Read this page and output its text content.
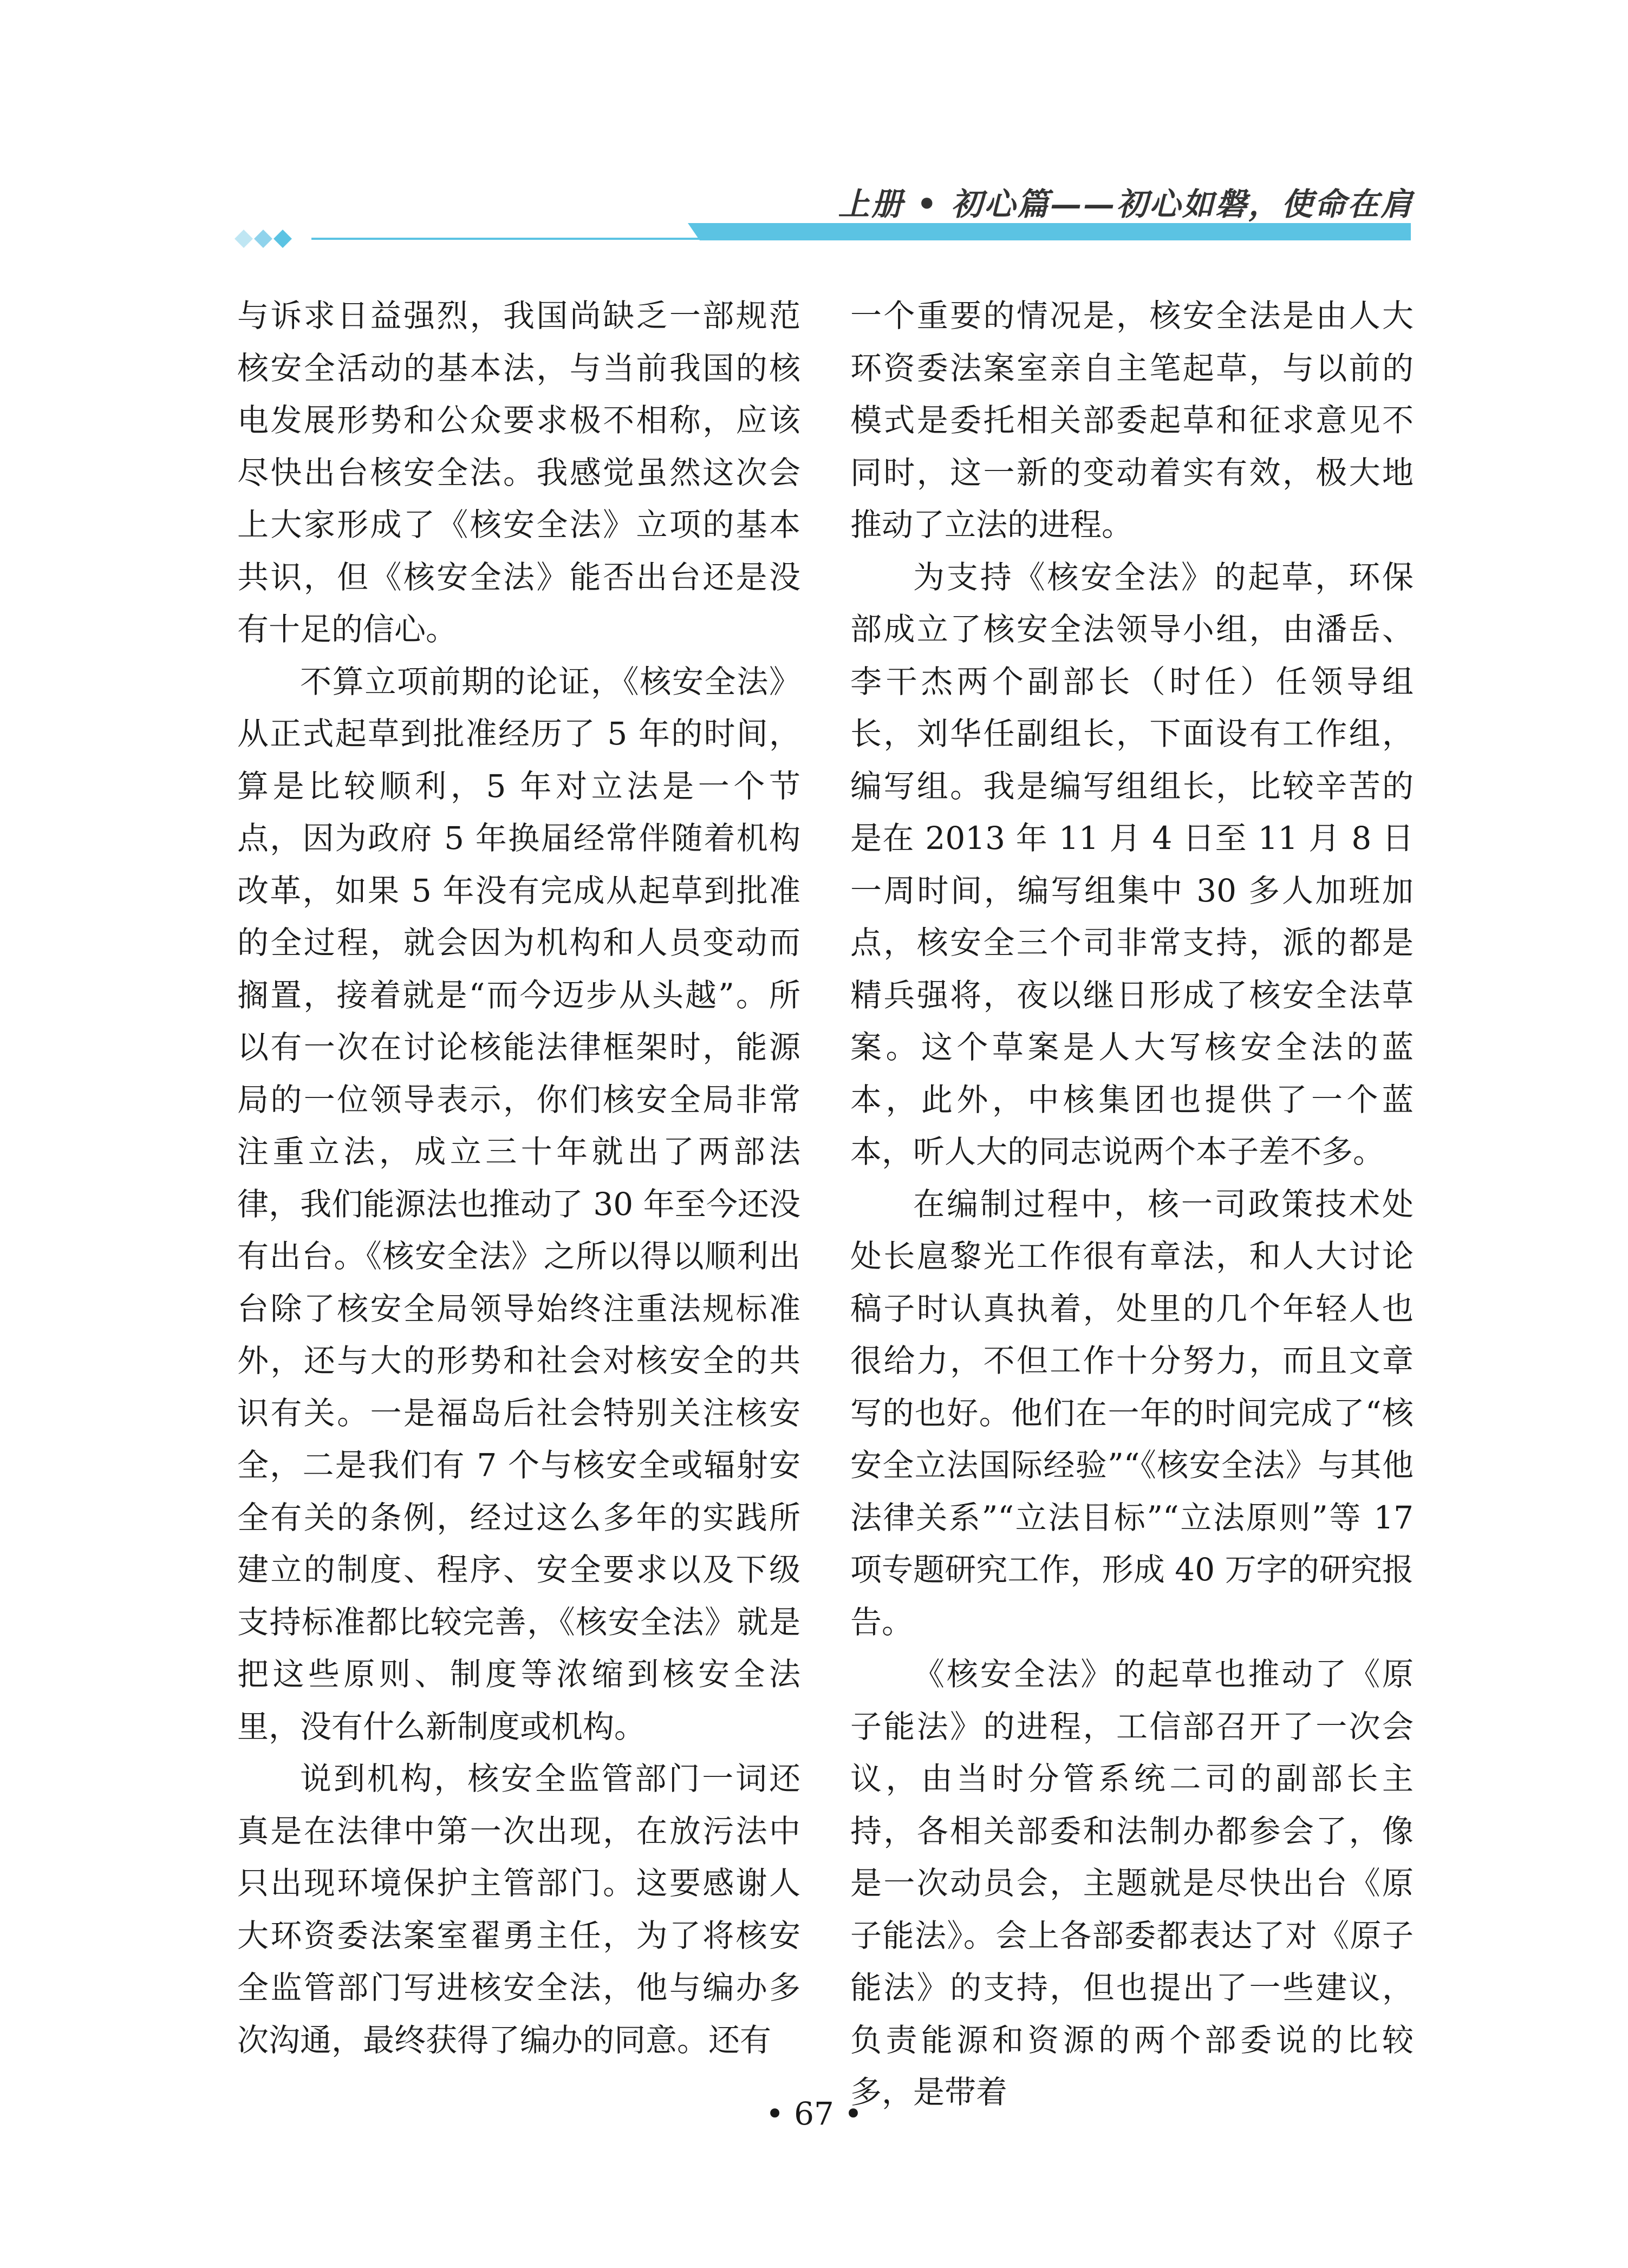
上册 • 初心篇——初心如磐，使命在肩

与诉求日益强烈，我国尚缺乏一部规范核安全活动的基本法，与当前我国的核电发展形势和公众要求极不相称，应该尽快出台核安全法。我感觉虽然这次会上大家形成了《核安全法》立项的基本共识，但《核安全法》能否出台还是没有十足的信心。

不算立项前期的论证，《核安全法》从正式起草到批准经历了 5 年的时间，算是比较顺利，5 年对立法是一个节点，因为政府 5 年换届经常伴随着机构改革，如果 5 年没有完成从起草到批准的全过程，就会因为机构和人员变动而搁置，接着就是“而今迈步从头越”。所以有一次在讨论核能法律框架时，能源局的一位领导表示，你们核安全局非常注重立法，成立三十年就出了两部法律，我们能源法也推动了 30 年至今还没有出台。《核安全法》之所以得以顺利出台除了核安全局领导始终注重法规标准外，还与大的形势和社会对核安全的共识有关。一是福岛后社会特别关注核安全，二是我们有 7 个与核安全或辐射安全有关的条例，经过这么多年的实践所建立的制度、程序、安全要求以及下级支持标准都比较完善，《核安全法》就是把这些原则、制度等浓缩到核安全法里，没有什么新制度或机构。

说到机构，核安全监管部门一词还真是在法律中第一次出现，在放污法中只出现环境保护主管部门。这要感谢人大环资委法案室翟勇主任，为了将核安全监管部门写进核安全法，他与编办多次沟通，最终获得了编办的同意。还有

一个重要的情况是，核安全法是由人大环资委法案室亲自主笔起草，与以前的模式是委托相关部委起草和征求意见不同时，这一新的变动着实有效，极大地推动了立法的进程。

为支持《核安全法》的起草，环保部成立了核安全法领导小组，由潘岳、李干杰两个副部长（时任）任领导组长，刘华任副组长，下面设有工作组，编写组。我是编写组组长，比较辛苦的是在 2013 年 11 月 4 日至 11 月 8 日一周时间，编写组集中 30 多人加班加点，核安全三个司非常支持，派的都是精兵强将，夜以继日形成了核安全法草案。这个草案是人大写核安全法的蓝本，此外，中核集团也提供了一个蓝本，听人大的同志说两个本子差不多。

在编制过程中，核一司政策技术处处长扈黎光工作很有章法，和人大讨论稿子时认真执着，处里的几个年轻人也很给力，不但工作十分努力，而且文章写的也好。他们在一年的时间完成了“核安全立法国际经验”“《核安全法》与其他法律关系”“立法目标”“立法原则”等 17 项专题研究工作，形成 40 万字的研究报告。

《核安全法》的起草也推动了《原子能法》的进程，工信部召开了一次会议，由当时分管系统二司的副部长主持，各相关部委和法制办都参会了，像是一次动员会，主题就是尽快出台《原子能法》。会上各部委都表达了对《原子能法》的支持，但也提出了一些建议，负责能源和资源的两个部委说的比较多，是带着

• 67 •
